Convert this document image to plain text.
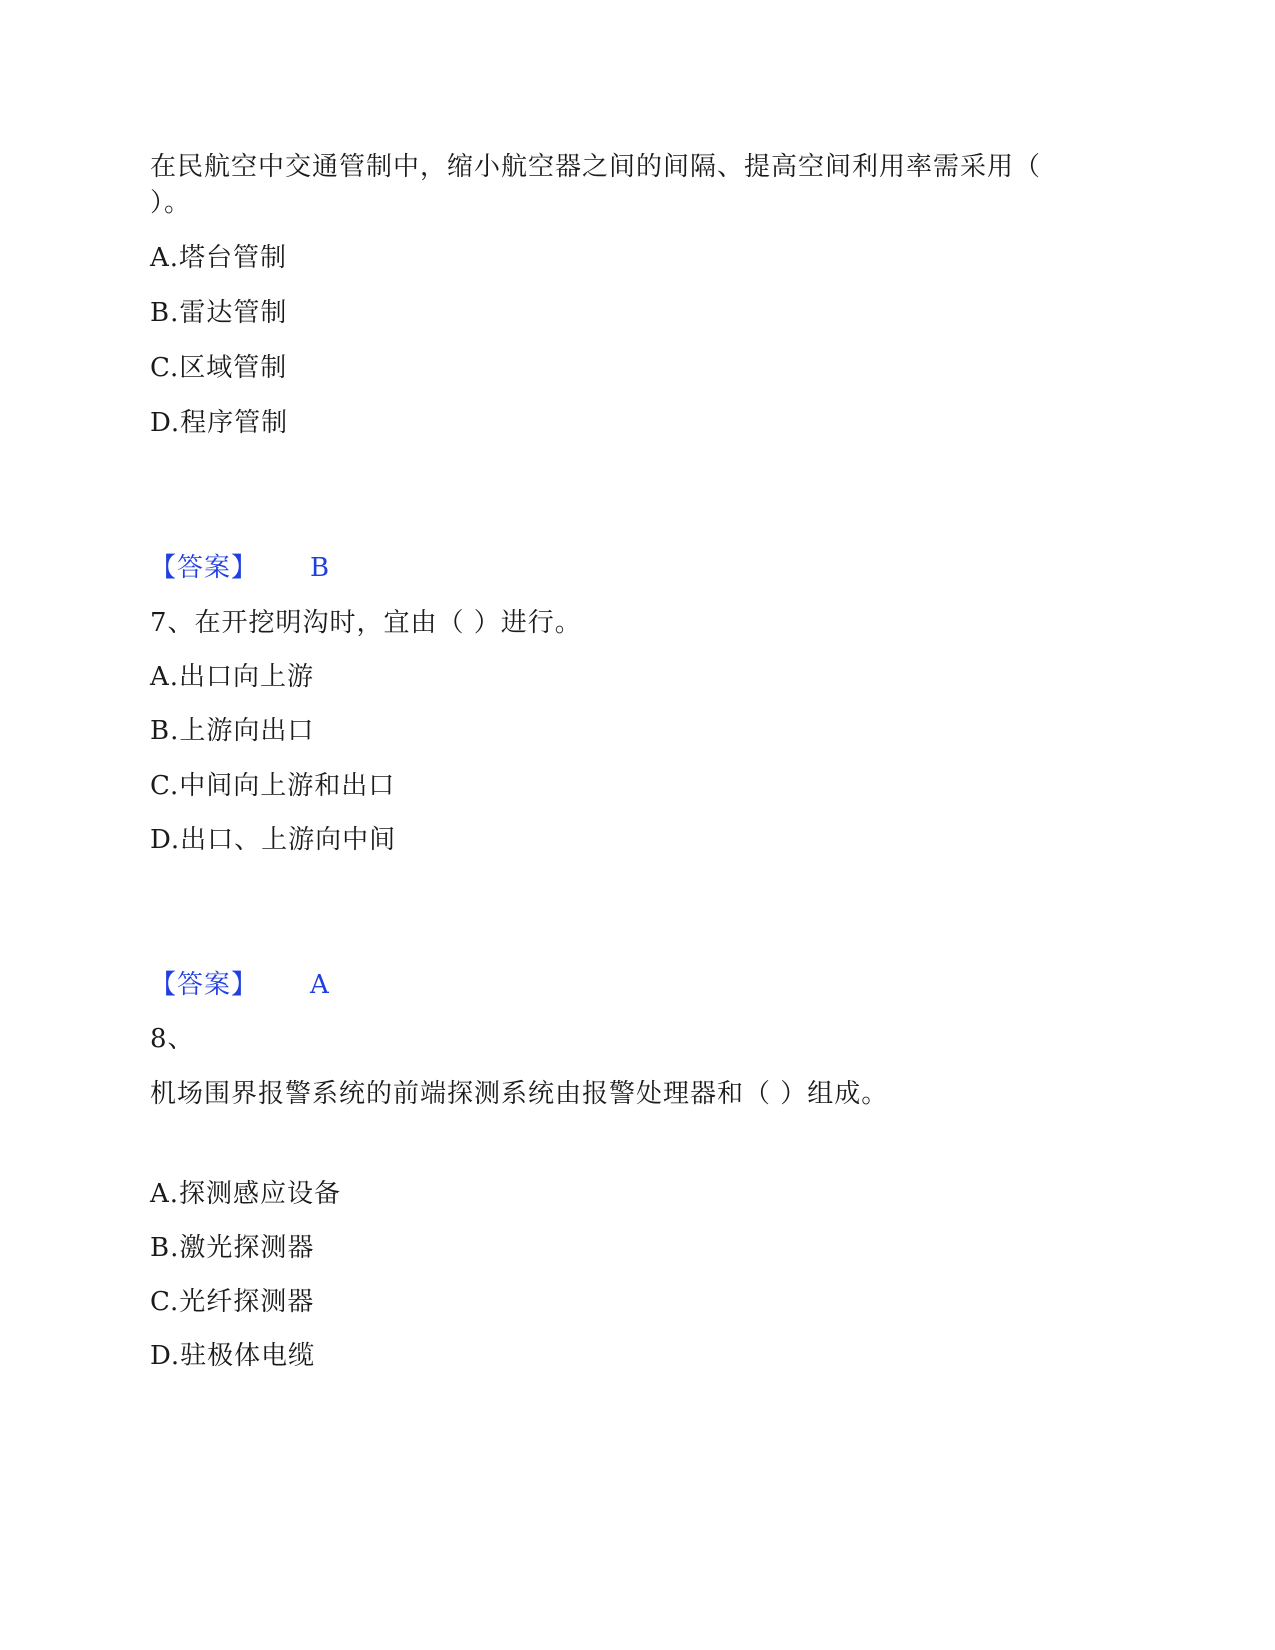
在民航空中交通管制中，缩小航空器之间的间隔、提高空间利用率需采用（
）。
A.塔台管制
B.雷达管制
C.区域管制
D.程序管制
【答案】 B
7、在开挖明沟时，宜由（ ）进行。
A.出口向上游
B.上游向出口
C.中间向上游和出口
D.出口、上游向中间
【答案】 A
8、
机场围界报警系统的前端探测系统由报警处理器和（ ）组成。
A.探测感应设备
B.激光探测器
C.光纤探测器
D.驻极体电缆
